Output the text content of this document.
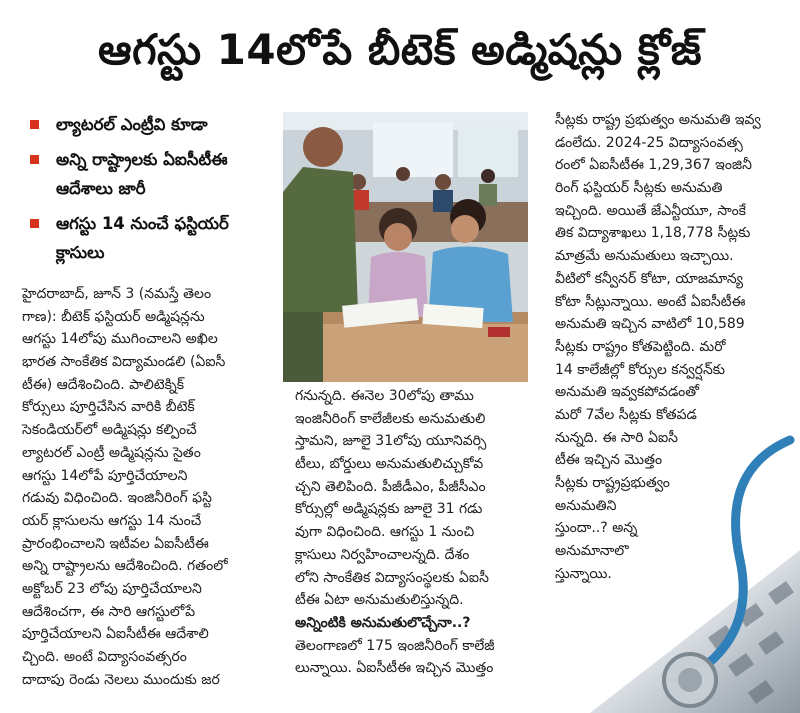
ఆగస్టు 14లోపే బీటెక్ అడ్మిషన్లు క్లోజ్
ల్యాటరల్ ఎంట్రీవి కూడా
అన్ని రాష్ట్రాలకు ఏఐసీటీఈ ఆదేశాలు జారీ
ఆగస్టు 14 నుంచే ఫస్టియర్ క్లాసులు
హైదరాబాద్, జూన్ 3 (నమస్తే తెలం
గాణ): బీటెక్ ఫస్టియర్ అడ్మిషన్లను
ఆగస్టు 14లోపు ముగించాలని అఖిల
భారత సాంకేతిక విద్యామండలి (ఏఐసీ
టీఈ) ఆదేశించింది. పాలిటెక్నిక్
కోర్సులు పూర్తిచేసిన వారికి బీటెక్
సెకండియర్‌లో అడ్మిషన్లు కల్పించే
ల్యాటరల్ ఎంట్రీ అడ్మిషన్లను సైతం
ఆగస్టు 14లోపే పూర్తిచేయాలని
గడువు విధించింది. ఇంజినీరింగ్ ఫస్టి
యర్ క్లాసులను ఆగస్టు 14 నుంచే
ప్రారంభించాలని ఇటీవల ఏఐసీటీఈ
అన్ని రాష్ట్రాలను ఆదేశించింది. గతంలో
అక్టోబర్ 23 లోపు పూర్తిచేయాలని
ఆదేశించగా, ఈ సారి ఆగస్టులోపే
పూర్తిచేయాలని ఏఐసీటీఈ ఆదేశాలి
చ్చింది. అంటే విద్యాసంవత్సరం
దాదాపు రెండు నెలలు ముందుకు జర
గనున్నది. ఈనెల 30లోపు తాము
ఇంజినీరింగ్ కాలేజీలకు అనుమతులి
స్తామని, జూలై 31లోపు యూనివర్సి
టీలు, బోర్డులు అనుమతులిచ్చుకోవ
చ్చని తెలిపింది. పీజీడీఎం, పీజీసీఎం
కోర్సుల్లో అడ్మిషన్లకు జూలై 31 గడు
వుగా విధించింది. ఆగస్టు 1 నుంచి
క్లాసులు నిర్వహించాలన్నది. దేశం
లోని సాంకేతిక విద్యాసంస్థలకు ఏఐసీ
టీఈ ఏటా అనుమతులిస్తున్నది.
అన్నింటికి అనుమతులొచ్చేనా..?
తెలంగాణలో 175 ఇంజినీరింగ్ కాలేజీ
లున్నాయి. ఏఐసీటీఈ ఇచ్చిన మొత్తం
సీట్లకు రాష్ట్ర ప్రభుత్వం అనుమతి ఇవ్వ
డంలేదు. 2024-25 విద్యాసంవత్స
రంలో ఏఐసీటీఈ 1,29,367 ఇంజినీ
రింగ్ ఫస్టియర్ సీట్లకు అనుమతి
ఇచ్చింది. అయితే జేఎన్టీయూ, సాంకే
తిక విద్యాశాఖలు 1,18,778 సీట్లకు
మాత్రమే అనుమతులు ఇచ్చాయి.
వీటిలో కన్వీనర్ కోటా, యాజమాన్య
కోటా సీట్లున్నాయి. అంటే ఏఐసీటీఈ
అనుమతి ఇచ్చిన వాటిలో 10,589
సీట్లకు రాష్ట్రం కోతపెట్టింది. మరో
14 కాలేజీల్లో కోర్సుల కన్వర్షన్‌కు
అనుమతి ఇవ్వకపోవడంతో
మరో 7వేల సీట్లకు కోతపడ
నున్నది. ఈ సారి ఏఐసీ
టీఈ ఇచ్చిన మొత్తం
సీట్లకు రాష్ట్రప్రభుత్వం
అనుమతిని
స్తుందా..? అన్న
అనుమానాలొ
స్తున్నాయి.
